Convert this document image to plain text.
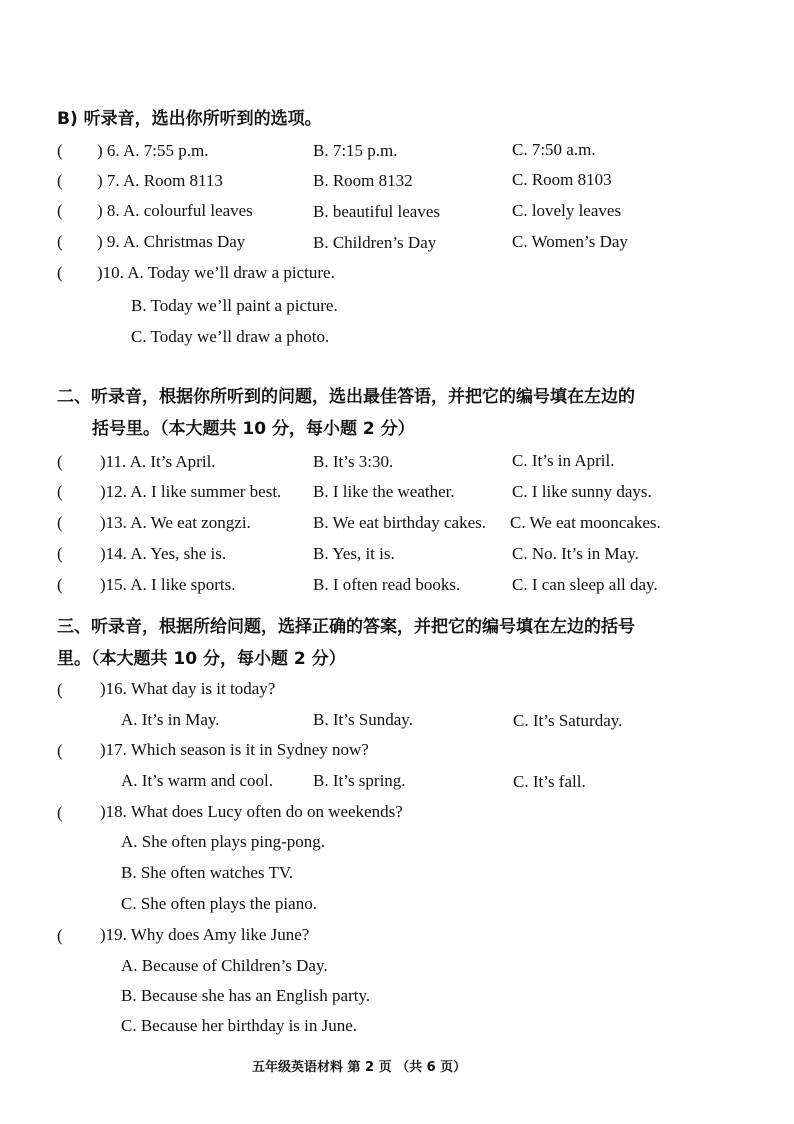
B) 听录音，选出你所听到的选项。
( ) 6. A. 7:55 p.m.	B. 7:15 p.m.	C. 7:50 a.m.
( ) 7. A. Room 8113	B. Room 8132	C. Room 8103
( ) 8. A. colourful leaves	B. beautiful leaves	C. lovely leaves
( ) 9. A. Christmas Day	B. Children’s Day	C. Women’s Day
( )10. A. Today we’ll draw a picture.
B. Today we’ll paint a picture.
C. Today we’ll draw a photo.
二、听录音，根据你所听到的问题，选出最佳答语，并把它的编号填在左边的
括号里。（本大题共 10 分，每小题 2 分）
( )11. A. It’s April.	B. It’s 3:30.	C. It’s in April.
( )12. A. I like summer best. B. I like the weather.	C. I like sunny days.
( )13. A. We eat zongzi.	B. We eat birthday cakes. C. We eat mooncakes.
( )14. A. Yes, she is.	B. Yes, it is.	C. No. It’s in May.
( )15. A. I like sports.	B. I often read books.	C. I can sleep all day.
三、听录音，根据所给问题，选择正确的答案，并把它的编号填在左边的括号
里。（本大题共 10 分，每小题 2 分）
( )16. What day is it today?
A. It’s in May.	B. It’s Sunday.	C. It’s Saturday.
( )17. Which season is it in Sydney now?
A. It’s warm and cool. B. It’s spring.	C. It’s fall.
( )18. What does Lucy often do on weekends?
A. She often plays ping-pong.
B. She often watches TV.
C. She often plays the piano.
( )19. Why does Amy like June?
A. Because of Children’s Day.
B. Because she has an English party.
C. Because her birthday is in June.
五年级英语材料 第 2 页 （共 6 页）
